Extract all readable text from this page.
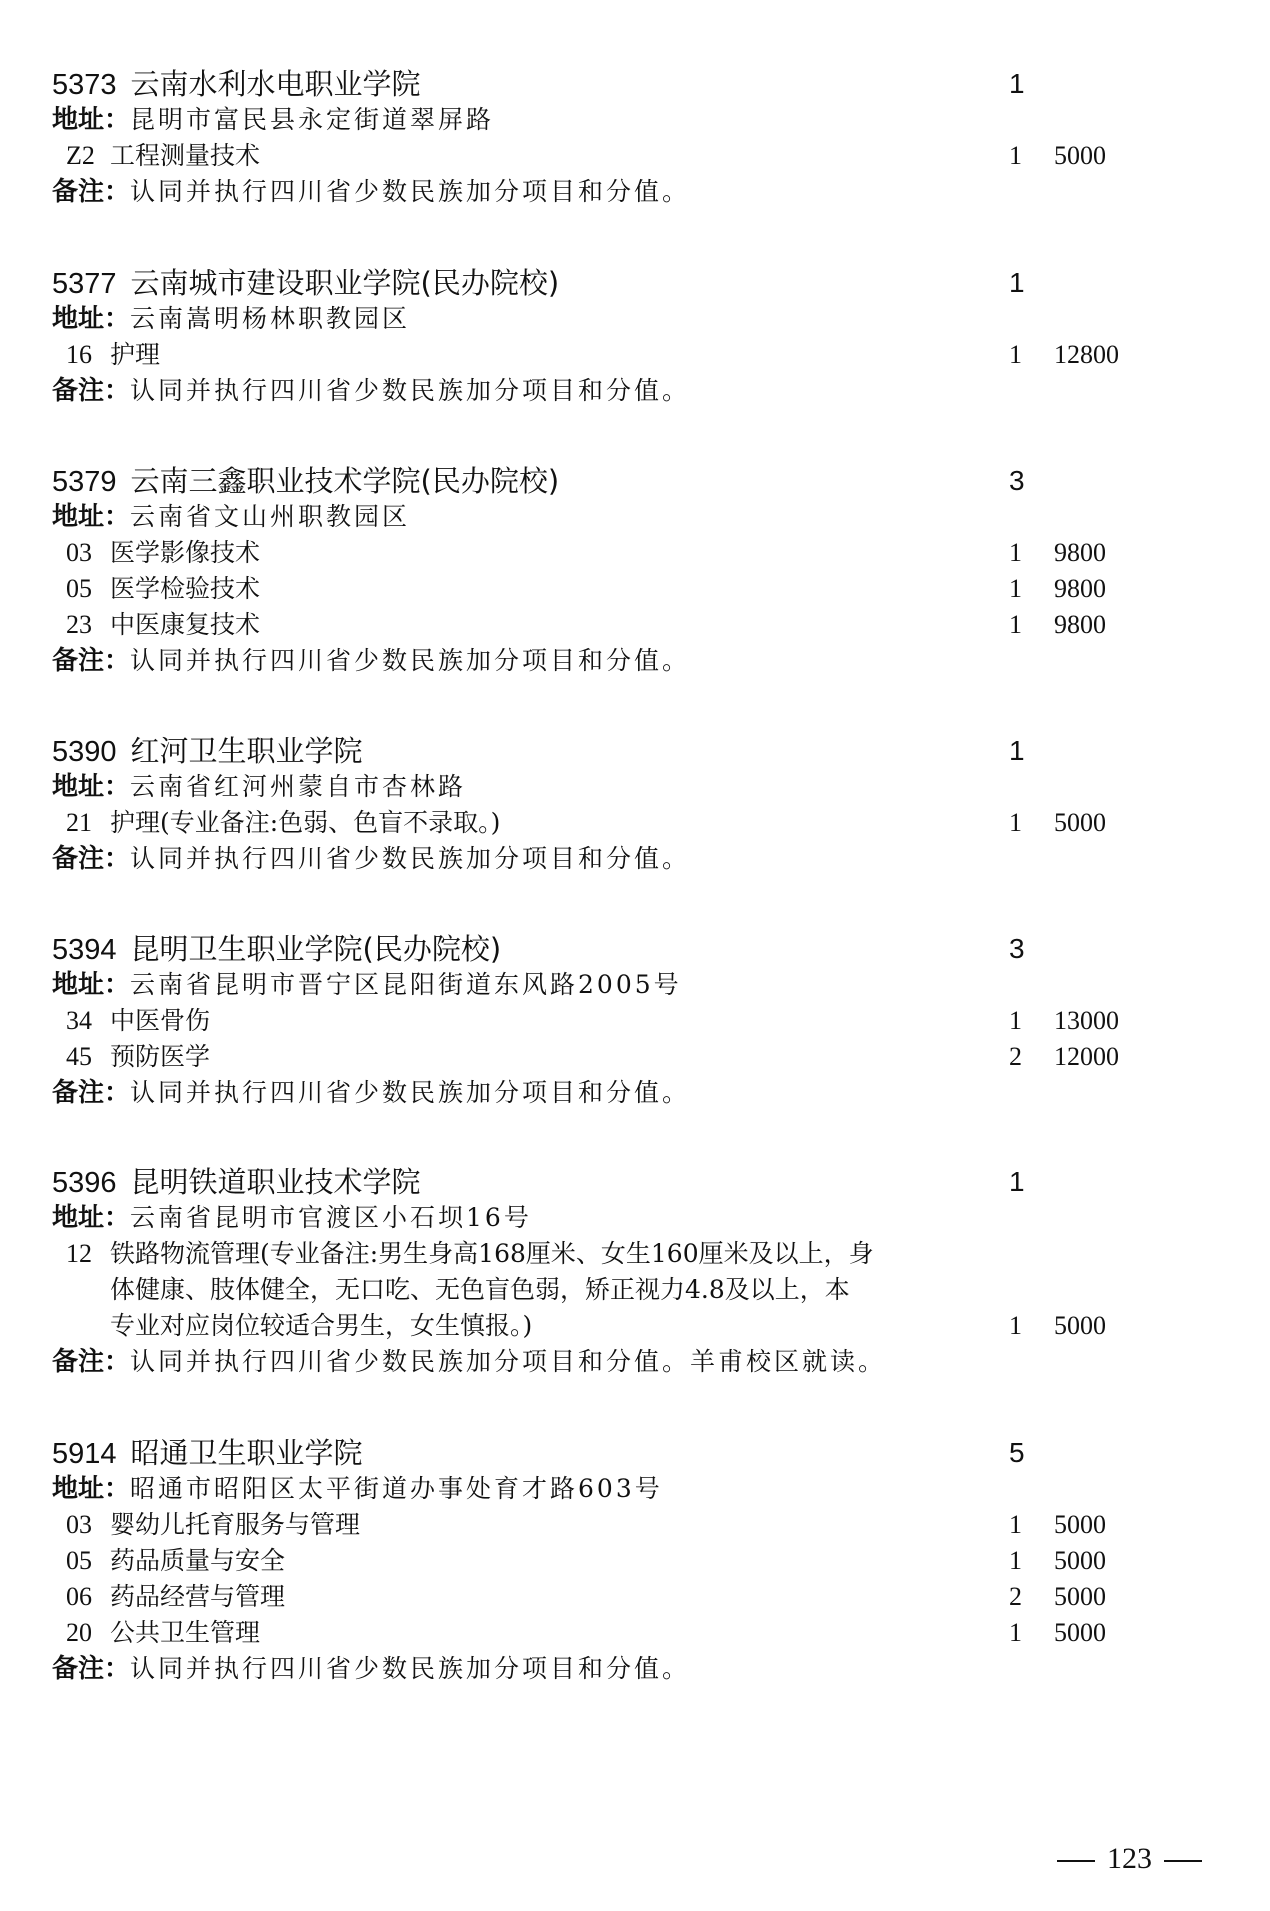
5373 云南水利水电职业学院	1
地址：昆明市富民县永定街道翠屏路
Z2 工程测量技术	1 5000
备注：认同并执行四川省少数民族加分项目和分值。
5377 云南城市建设职业学院(民办院校)	1
地址：云南嵩明杨林职教园区
16 护理	1 12800
备注：认同并执行四川省少数民族加分项目和分值。
5379 云南三鑫职业技术学院(民办院校)	3
地址：云南省文山州职教园区
03 医学影像技术	1 9800
05 医学检验技术	1 9800
23 中医康复技术	1 9800
备注：认同并执行四川省少数民族加分项目和分值。
5390 红河卫生职业学院	1
地址：云南省红河州蒙自市杏林路
21 护理(专业备注:色弱、色盲不录取。)	1 5000
备注：认同并执行四川省少数民族加分项目和分值。
5394 昆明卫生职业学院(民办院校)	3
地址：云南省昆明市晋宁区昆阳街道东风路2005号
34 中医骨伤	1 13000
45 预防医学	2 12000
备注：认同并执行四川省少数民族加分项目和分值。
5396 昆明铁道职业技术学院	1
地址：云南省昆明市官渡区小石坝16号
12 铁路物流管理(专业备注:男生身高168厘米、女生160厘米及以上，身
体健康、肢体健全，无口吃、无色盲色弱，矫正视力4.8及以上，本
专业对应岗位较适合男生，女生慎报。)	1 5000
备注：认同并执行四川省少数民族加分项目和分值。羊甫校区就读。
5914 昭通卫生职业学院	5
地址：昭通市昭阳区太平街道办事处育才路603号
03 婴幼儿托育服务与管理	1 5000
05 药品质量与安全	1 5000
06 药品经营与管理	2 5000
20 公共卫生管理	1 5000
备注：认同并执行四川省少数民族加分项目和分值。
123
